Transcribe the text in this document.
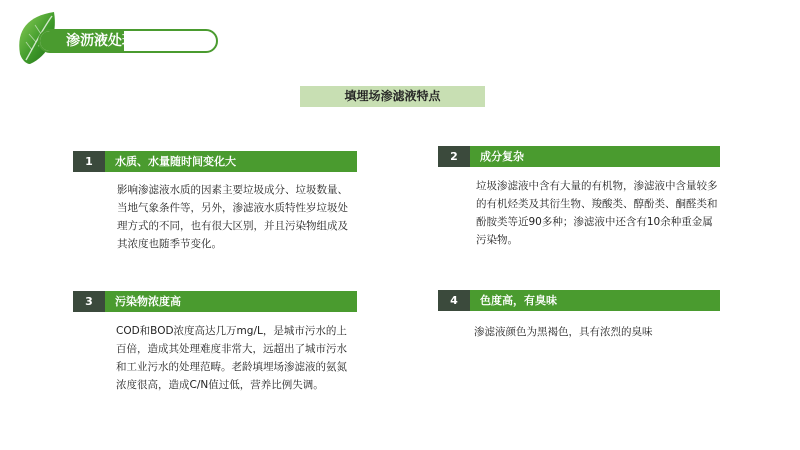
渗沥液处理
填埋场渗滤液特点
1	水质、水量随时间变化大

影响渗滤液水质的因素主要垃圾成分、垃圾数量、当地气象条件等，另外，渗滤液水质特性岁垃圾处理方式的不同，也有很大区别，并且污染物组成及其浓度也随季节变化。

2	成分复杂

垃圾渗滤液中含有大量的有机物，渗滤液中含量较多的有机烃类及其衍生物、羧酸类、醇酚类、酮醛类和酚胺类等近90多种；渗滤液中还含有10余种重金属污染物。

3	污染物浓度高

COD和BOD浓度高达几万mg/L，是城市污水的上百倍，造成其处理难度非常大，远超出了城市污水和工业污水的处理范畴。老龄填埋场渗滤液的氨氮浓度很高，造成C/N值过低，营养比例失调。

4	色度高，有臭味

渗滤液颜色为黑褐色，具有浓烈的臭味
